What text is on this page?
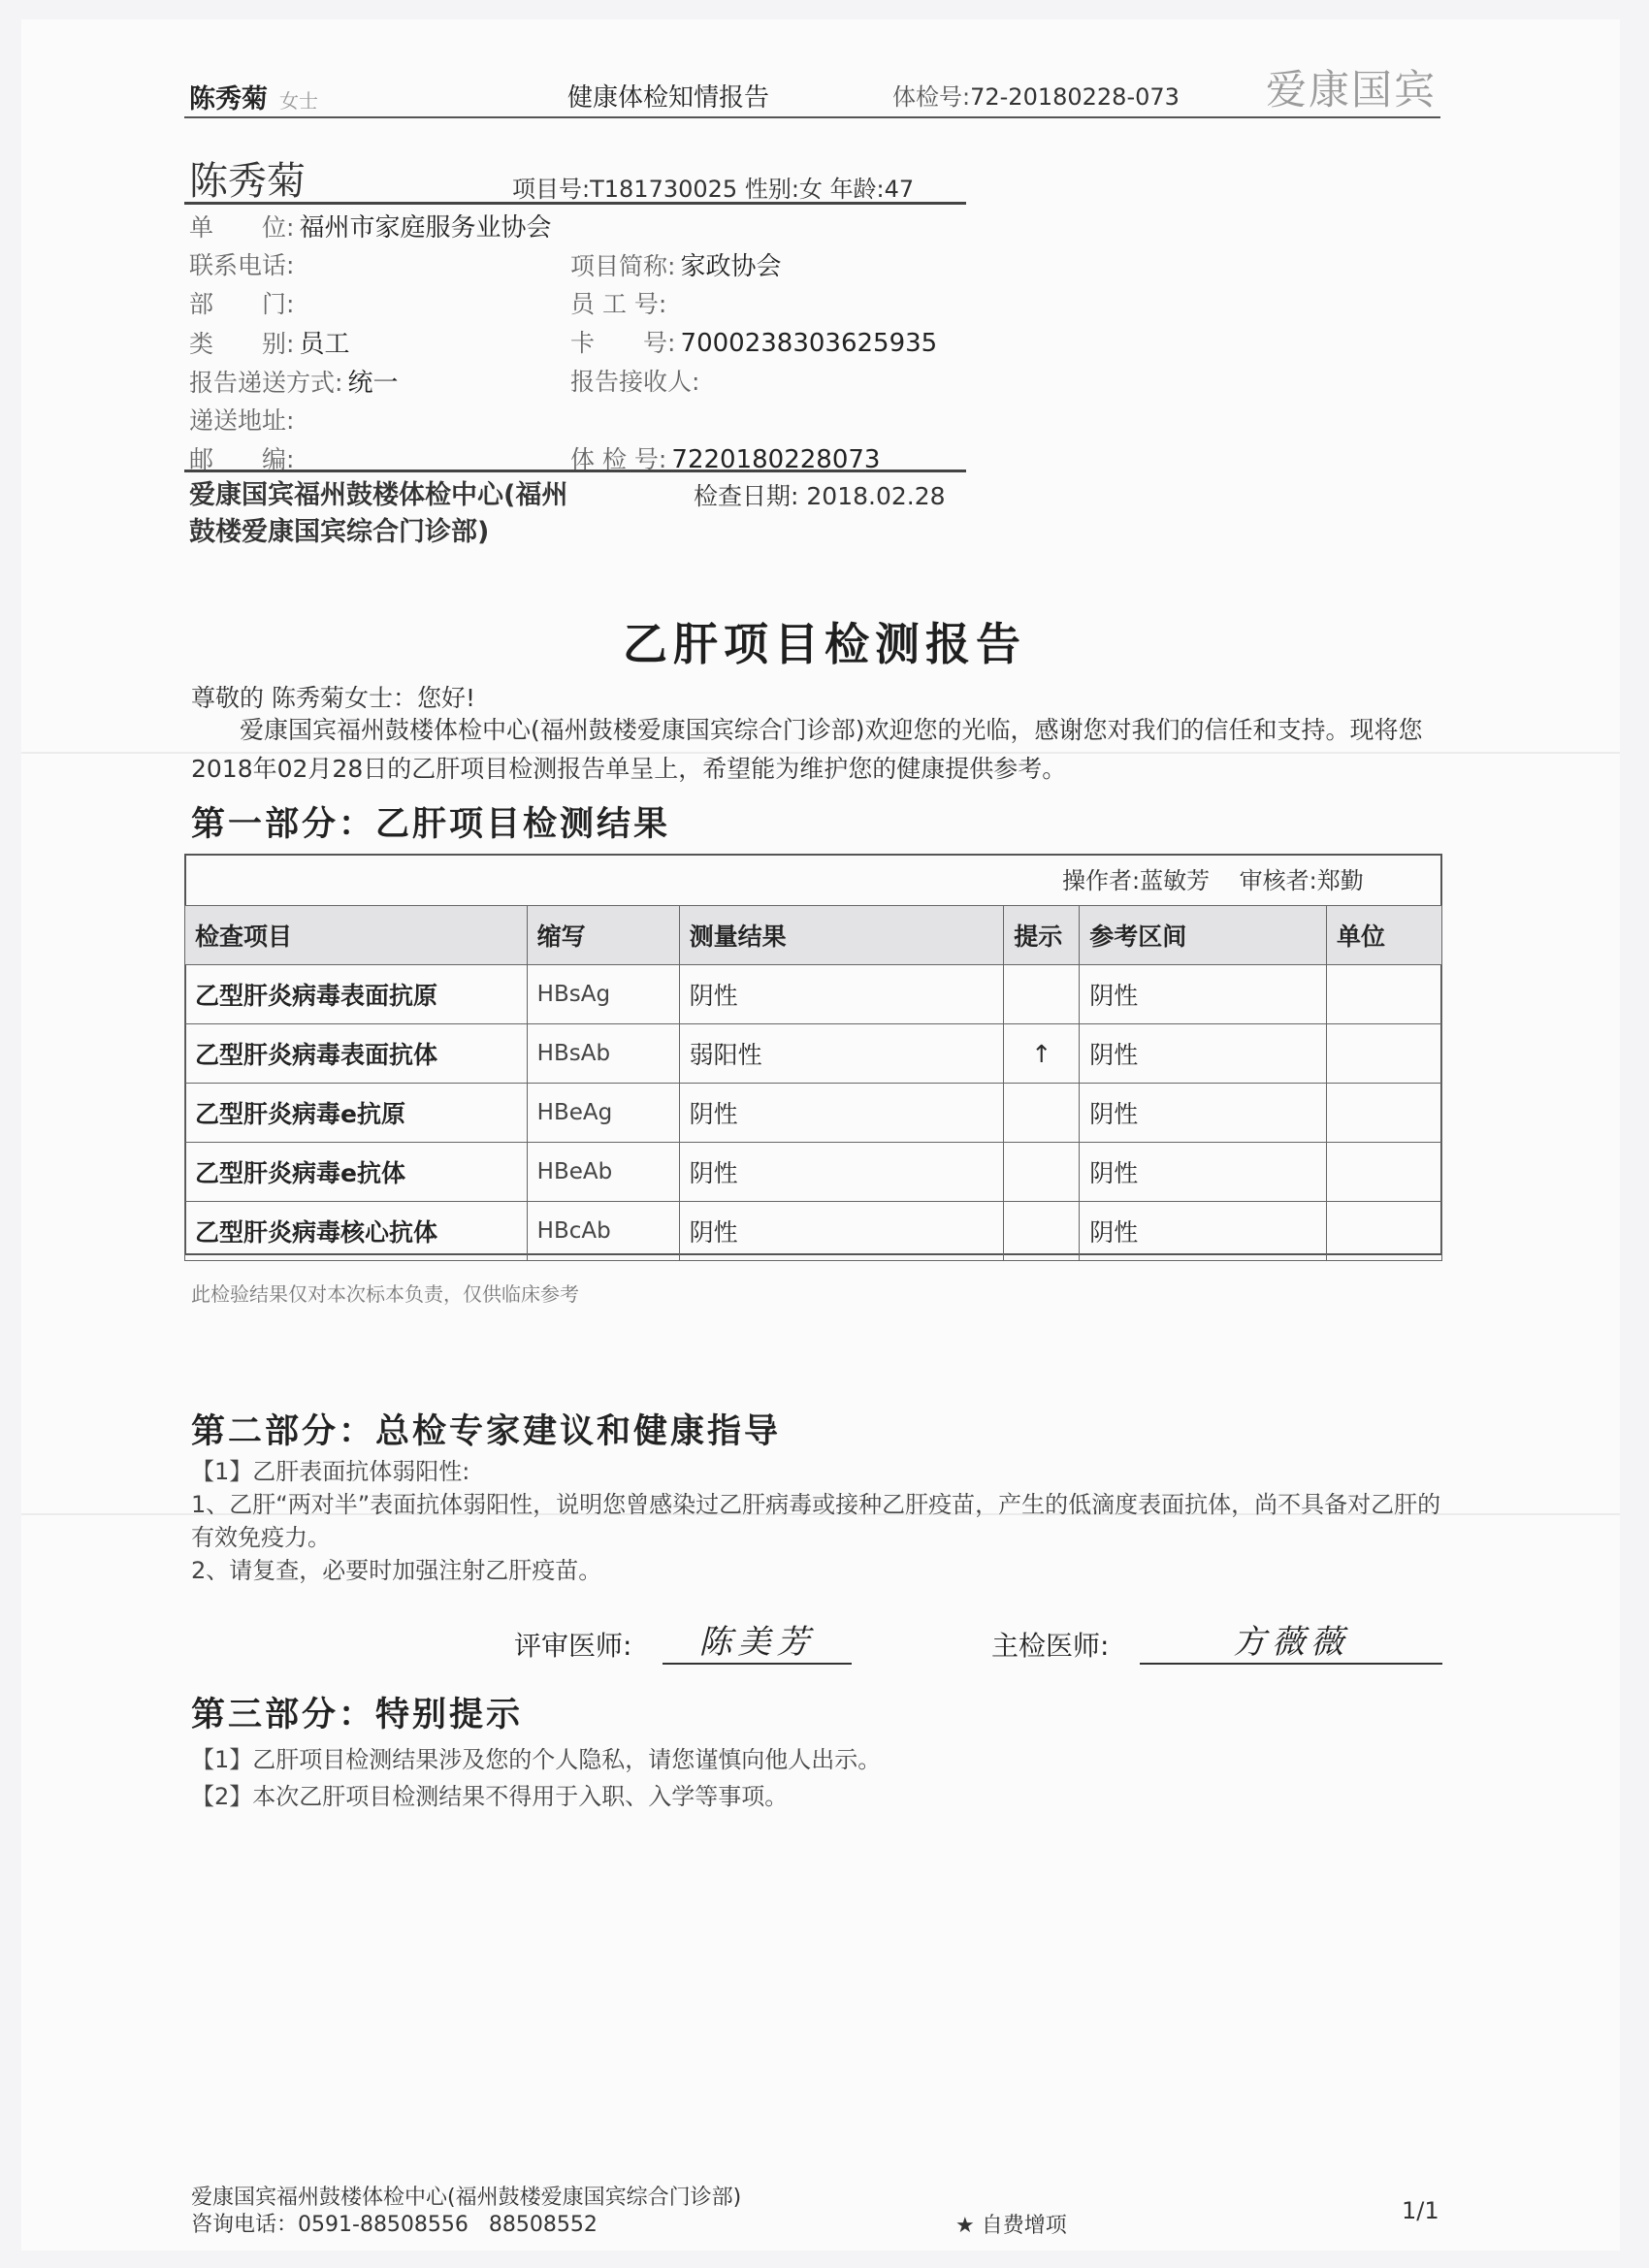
陈秀菊 女士	健康体检知情报告	体检号:72-20180228-073 爱康国宾
陈秀菊	项目号:T181730025 性别:女 年龄:47
单　　位: 福州市家庭服务业协会
联系电话:	项目简称: 家政协会
部　　门:	员 工 号:
类　　别: 员工	卡　　号: 7000238303625935
报告递送方式: 统一	报告接收人:
递送地址:
邮　　编:	体 检 号: 7220180228073
爱康国宾福州鼓楼体检中心(福州鼓楼爱康国宾综合门诊部)
检查日期: 2018.02.28
乙肝项目检测报告
尊敬的 陈秀菊女士：您好!
爱康国宾福州鼓楼体检中心(福州鼓楼爱康国宾综合门诊部)欢迎您的光临，感谢您对我们的信任和支持。现将您2018年02月28日的乙肝项目检测报告单呈上，希望能为维护您的健康提供参考。
第一部分：乙肝项目检测结果
操作者:蓝敏芳 审核者:郑勤
检查项目	缩写	测量结果	提示	参考区间	单位
乙型肝炎病毒表面抗原	HBsAg	阴性		阴性	
乙型肝炎病毒表面抗体	HBsAb	弱阳性	↑	阴性	
乙型肝炎病毒e抗原	HBeAg	阴性		阴性	
乙型肝炎病毒e抗体	HBeAb	阴性		阴性	
乙型肝炎病毒核心抗体	HBcAb	阴性		阴性	
此检验结果仅对本次标本负责，仅供临床参考
第二部分：总检专家建议和健康指导
【1】乙肝表面抗体弱阳性:
1、乙肝“两对半”表面抗体弱阳性，说明您曾感染过乙肝病毒或接种乙肝疫苗，产生的低滴度表面抗体，尚不具备对乙肝的有效免疫力。
2、请复查，必要时加强注射乙肝疫苗。
评审医师:	陈美芳	主检医师:	方薇薇
第三部分：特别提示
【1】乙肝项目检测结果涉及您的个人隐私，请您谨慎向他人出示。
【2】本次乙肝项目检测结果不得用于入职、入学等事项。
爱康国宾福州鼓楼体检中心(福州鼓楼爱康国宾综合门诊部)
咨询电话：0591-88508556 88508552	★ 自费增项
1/1
